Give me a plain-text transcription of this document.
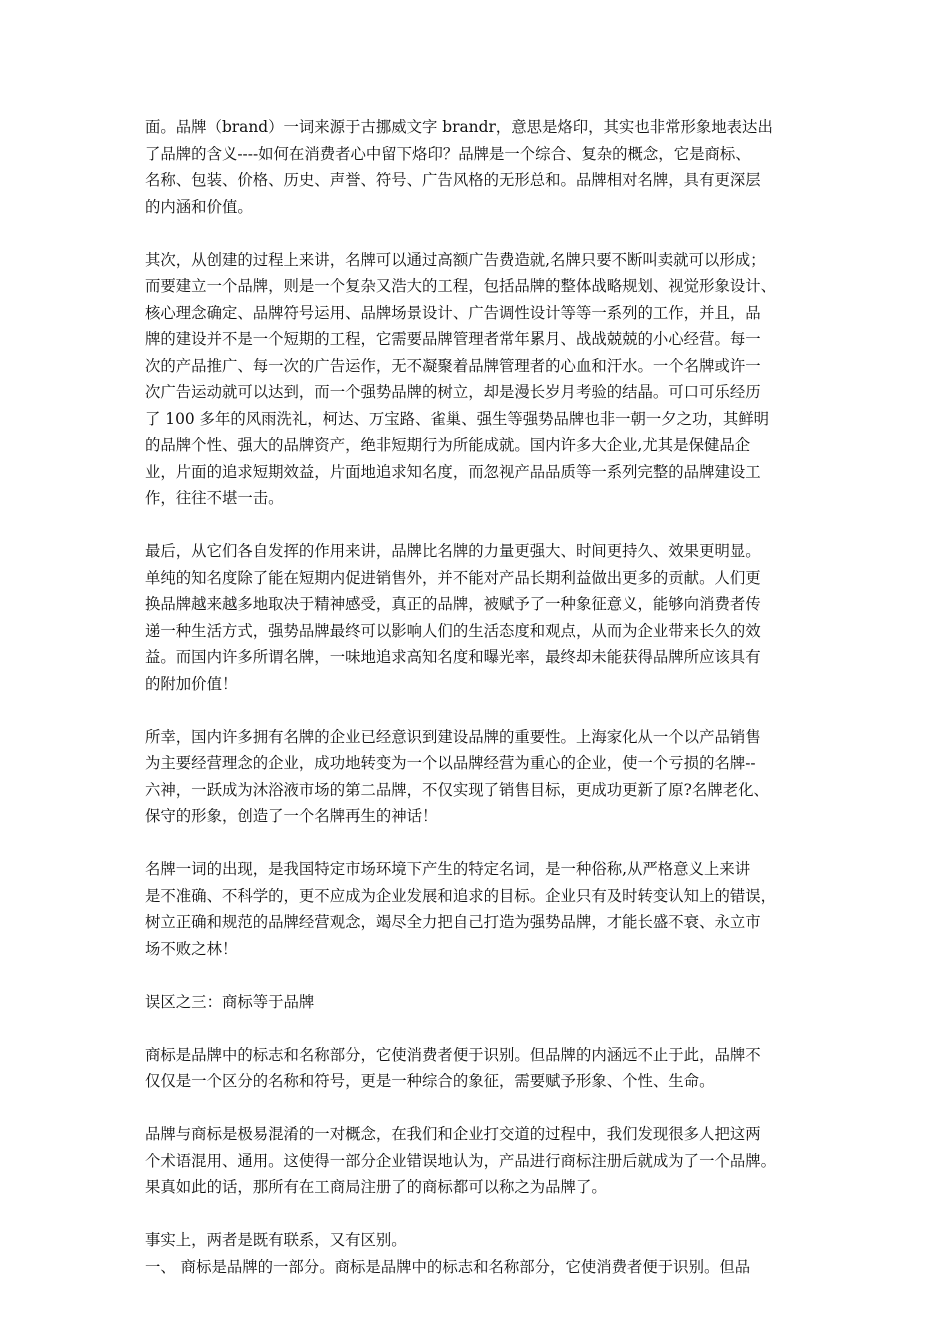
面。品牌（brand）一词来源于古挪威文字 brandr，意思是烙印，其实也非常形象地表达出
了品牌的含义----如何在消费者心中留下烙印？品牌是一个综合、复杂的概念，它是商标、
名称、包装、价格、历史、声誉、符号、广告风格的无形总和。品牌相对名牌，具有更深层
的内涵和价值。
其次，从创建的过程上来讲，名牌可以通过高额广告费造就,名牌只要不断叫卖就可以形成；
而要建立一个品牌，则是一个复杂又浩大的工程，包括品牌的整体战略规划、视觉形象设计、
核心理念确定、品牌符号运用、品牌场景设计、广告调性设计等等一系列的工作，并且，品
牌的建设并不是一个短期的工程，它需要品牌管理者常年累月、战战兢兢的小心经营。每一
次的产品推广、每一次的广告运作，无不凝聚着品牌管理者的心血和汗水。一个名牌或许一
次广告运动就可以达到，而一个强势品牌的树立，却是漫长岁月考验的结晶。可口可乐经历
了 100 多年的风雨洗礼，柯达、万宝路、雀巢、强生等强势品牌也非一朝一夕之功，其鲜明
的品牌个性、强大的品牌资产，绝非短期行为所能成就。国内许多大企业,尤其是保健品企
业，片面的追求短期效益，片面地追求知名度，而忽视产品品质等一系列完整的品牌建设工
作，往往不堪一击。
最后，从它们各自发挥的作用来讲，品牌比名牌的力量更强大、时间更持久、效果更明显。
单纯的知名度除了能在短期内促进销售外，并不能对产品长期利益做出更多的贡献。人们更
换品牌越来越多地取决于精神感受，真正的品牌，被赋予了一种象征意义，能够向消费者传
递一种生活方式，强势品牌最终可以影响人们的生活态度和观点，从而为企业带来长久的效
益。而国内许多所谓名牌，一味地追求高知名度和曝光率，最终却未能获得品牌所应该具有
的附加价值！
所幸，国内许多拥有名牌的企业已经意识到建设品牌的重要性。上海家化从一个以产品销售
为主要经营理念的企业，成功地转变为一个以品牌经营为重心的企业，使一个亏损的名牌--
六神，一跃成为沐浴液市场的第二品牌，不仅实现了销售目标，更成功更新了原?名牌老化、
保守的形象，创造了一个名牌再生的神话！
名牌一词的出现，是我国特定市场环境下产生的特定名词，是一种俗称,从严格意义上来讲
是不准确、不科学的，更不应成为企业发展和追求的目标。企业只有及时转变认知上的错误，
树立正确和规范的品牌经营观念，竭尽全力把自己打造为强势品牌，才能长盛不衰、永立市
场不败之林！
误区之三：商标等于品牌
商标是品牌中的标志和名称部分，它使消费者便于识别。但品牌的内涵远不止于此，品牌不
仅仅是一个区分的名称和符号，更是一种综合的象征，需要赋予形象、个性、生命。
品牌与商标是极易混淆的一对概念，在我们和企业打交道的过程中，我们发现很多人把这两
个术语混用、通用。这使得一部分企业错误地认为，产品进行商标注册后就成为了一个品牌。
果真如此的话，那所有在工商局注册了的商标都可以称之为品牌了。
事实上，两者是既有联系，又有区别。
一、 商标是品牌的一部分。商标是品牌中的标志和名称部分，它使消费者便于识别。但品
